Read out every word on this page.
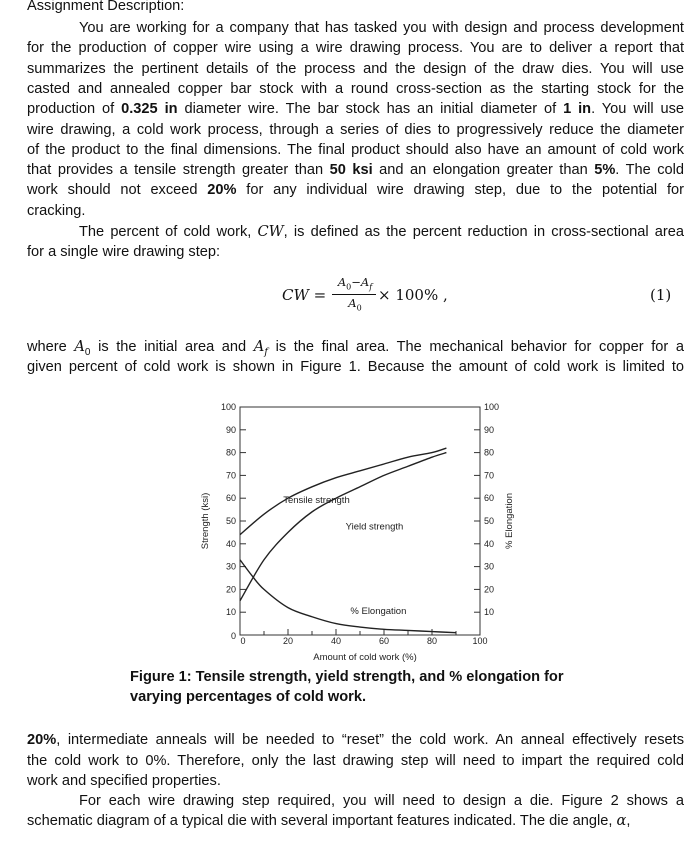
Assignment Description:
You are working for a company that has tasked you with design and process development
for the production of copper wire using a wire drawing process. You are to deliver a report that
summarizes the pertinent details of the process and the design of the draw dies. You will use
casted and annealed copper bar stock with a round cross-section as the starting stock for the
production of 0.325 in diameter wire. The bar stock has an initial diameter of 1 in. You will use
wire drawing, a cold work process, through a series of dies to progressively reduce the diameter
of the product to the final dimensions. The final product should also have an amount of cold work
that provides a tensile strength greater than 50 ksi and an elongation greater than 5%. The cold
work should not exceed 20% for any individual wire drawing step, due to the potential for
cracking.
The percent of cold work, CW, is defined as the percent reduction in cross-sectional area
for a single wire drawing step:
CW =
$A_0-A_f$
$A_0$
× 100% ,	(1)
where $A_0$ is the initial area and $A_f$ is the final area. The mechanical behavior for copper for a
given percent of cold work is shown in Figure 1. Because the amount of cold work is limited to
0
10
20
30
40
50
60
70
80
90
100
10
20
30
40
50
60
70
80
90
100
0	20	40	60	80	100
Amount of cold work (%)
Strength (ksi)	% Elongation
Tensile strength
Yield strength
% Elongation
Figure 1: Tensile strength, yield strength, and % elongation for
varying percentages of cold work.
20%, intermediate anneals will be needed to “reset” the cold work. An anneal effectively resets
the cold work to 0%. Therefore, only the last drawing step will need to impart the required cold
work and specified properties.
For each wire drawing step required, you will need to design a die. Figure 2 shows a
schematic diagram of a typical die with several important features indicated. The die angle, α,
